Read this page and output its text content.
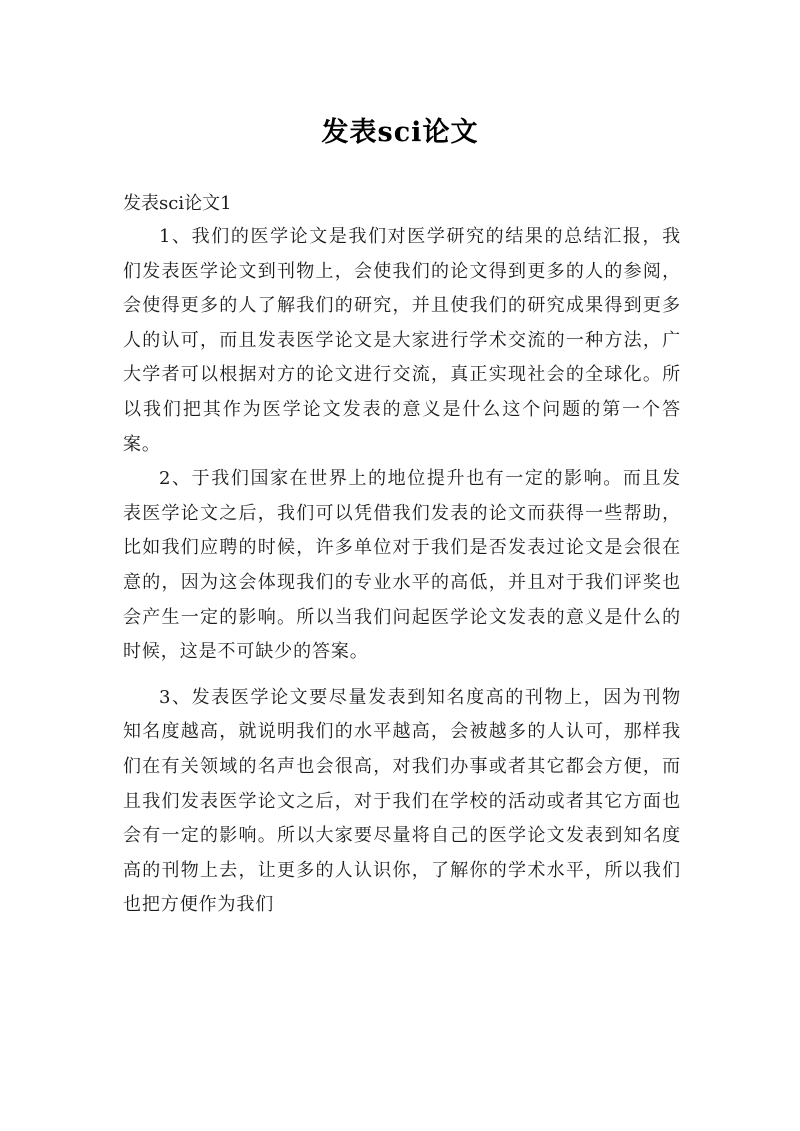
发表sci论文

发表sci论文1

1、我们的医学论文是我们对医学研究的结果的总结汇报，我们发表医学论文到刊物上，会使我们的论文得到更多的人的参阅，会使得更多的人了解我们的研究，并且使我们的研究成果得到更多人的认可，而且发表医学论文是大家进行学术交流的一种方法，广大学者可以根据对方的论文进行交流，真正实现社会的全球化。所以我们把其作为医学论文发表的意义是什么这个问题的第一个答案。

2、于我们国家在世界上的地位提升也有一定的影响。而且发表医学论文之后，我们可以凭借我们发表的论文而获得一些帮助，比如我们应聘的时候，许多单位对于我们是否发表过论文是会很在意的，因为这会体现我们的专业水平的高低，并且对于我们评奖也会产生一定的影响。所以当我们问起医学论文发表的意义是什么的时候，这是不可缺少的答案。

3、发表医学论文要尽量发表到知名度高的刊物上，因为刊物知名度越高，就说明我们的水平越高，会被越多的人认可，那样我们在有关领域的名声也会很高，对我们办事或者其它都会方便，而且我们发表医学论文之后，对于我们在学校的活动或者其它方面也会有一定的影响。所以大家要尽量将自己的医学论文发表到知名度高的刊物上去，让更多的人认识你，了解你的学术水平，所以我们也把方便作为我们
